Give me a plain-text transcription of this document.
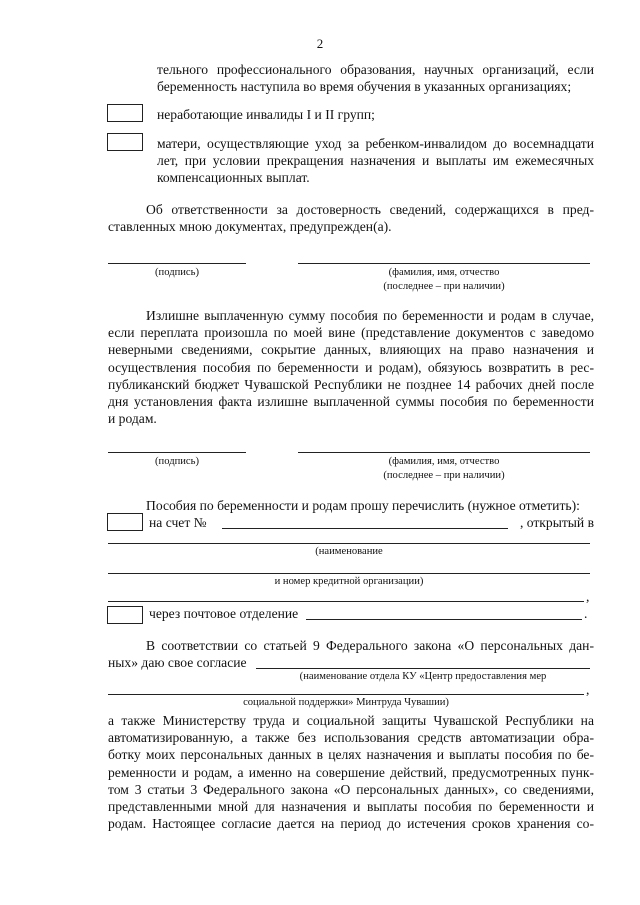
2
тельного профессионального образования, научных организаций, если
беременность наступила во время обучения в указанных организациях;
неработающие инвалиды I и II групп;
матери, осуществляющие уход за ребенком-инвалидом до восемнадцати
лет, при условии прекращения назначения и выплаты им ежемесячных
компенсационных выплат.
Об ответственности за достоверность сведений, содержащихся в пред-
ставленных мною документах, предупрежден(а).
(подпись)	(фамилия, имя, отчество
(последнее – при наличии)
Излишне выплаченную сумму пособия по беременности и родам в случае,
если переплата произошла по моей вине (представление документов с заведомо
неверными сведениями, сокрытие данных, влияющих на право назначения и
осуществления пособия по беременности и родам), обязуюсь возвратить в рес-
публиканский бюджет Чувашской Республики не позднее 14 рабочих дней после
дня установления факта излишне выплаченной суммы пособия по беременности
и родам.
(подпись)	(фамилия, имя, отчество
(последнее – при наличии)
Пособия по беременности и родам прошу перечислить (нужное отметить):
на счет №	, открытый в
(наименование
и номер кредитной организации)
,
через почтовое отделение	.
В соответствии со статьей 9 Федерального закона «О персональных дан-
ных» даю свое согласие
(наименование отдела КУ «Центр предоставления мер
,
социальной поддержки» Минтруда Чувашии)
а также Министерству труда и социальной защиты Чувашской Республики на
автоматизированную, а также без использования средств автоматизации обра-
ботку моих персональных данных в целях назначения и выплаты пособия по бе-
ременности и родам, а именно на совершение действий, предусмотренных пунк-
том 3 статьи 3 Федерального закона «О персональных данных», со сведениями,
представленными мной для назначения и выплаты пособия по беременности и
родам. Настоящее согласие дается на период до истечения сроков хранения со-
